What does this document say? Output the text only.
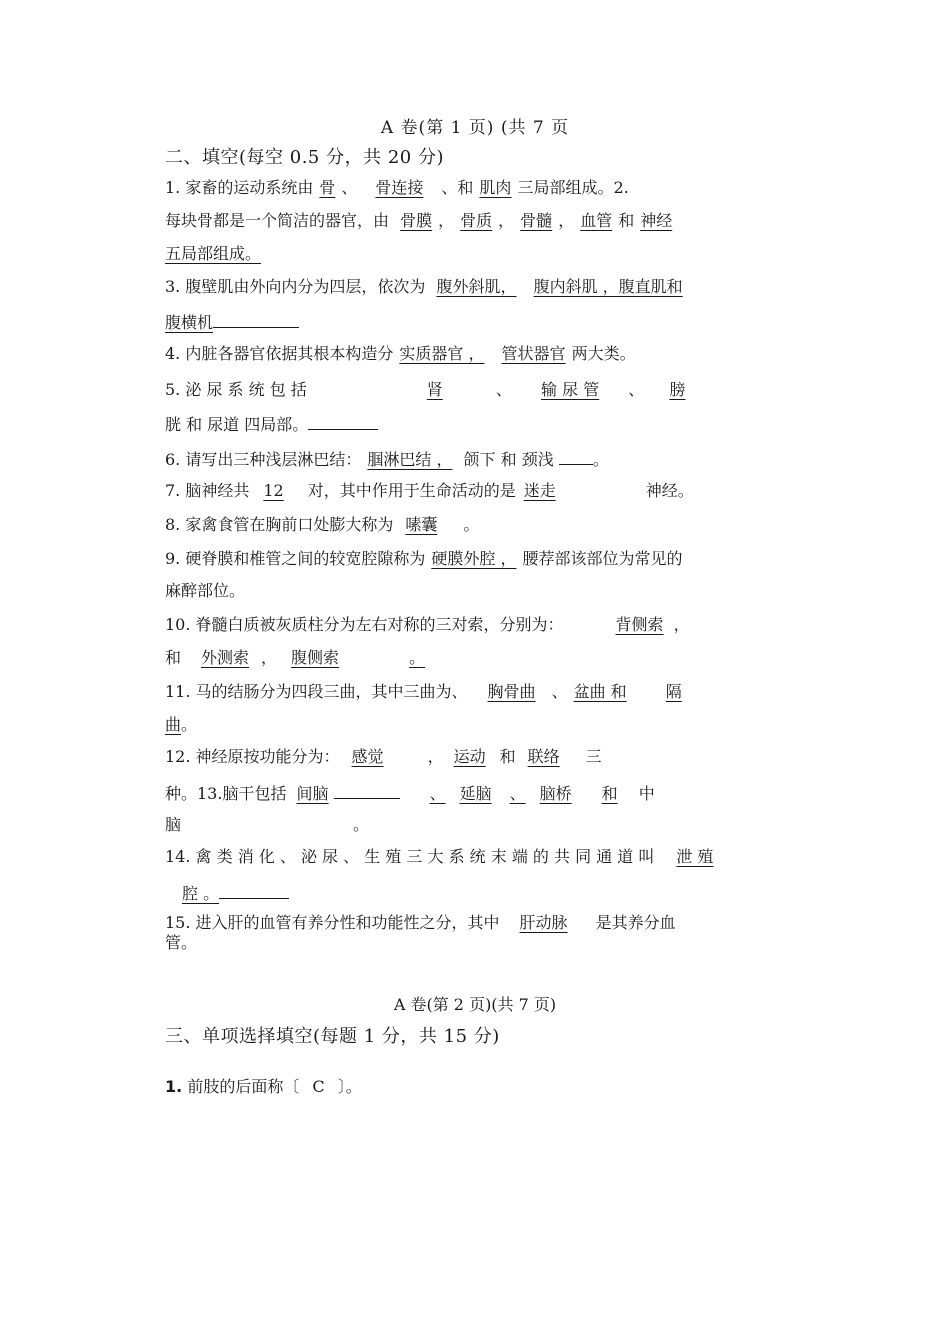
A 卷(第 1 页) (共 7 页
二、填空(每空 0.5 分，共 20 分)
1. 家畜的运动系统由 骨 、 骨连接 、和 肌肉 三局部组成。2.
每块骨都是一个简洁的器官，由 骨膜 ， 骨质 ， 骨髓 ， 血管 和 神经
五局部组成。
3. 腹壁肌由外向内分为四层，依次为 腹外斜肌， 腹内斜肌 ，腹直肌和
腹横机
4. 内脏各器官依据其根本构造分 实质器官 ， 管状器官 两大类。
5. 泌 尿 系 统 包 括	肾	、 输 尿 管 、 膀
胱 和 尿道 四局部。
6. 请写出三种浅层淋巴结： 腘淋巴结 ， 颌下 和 颈浅 。
7. 脑神经共 12 对，其中作用于生命活动的是 迷走	神经。
8. 家禽食管在胸前口处膨大称为 嗉囊 。
9. 硬脊膜和椎管之间的较宽腔隙称为 硬膜外腔 ， 腰荐部该部位为常见的
麻醉部位。
10. 脊髓白质被灰质柱分为左右对称的三对索，分别为：	背侧索 ，
和 外测索 ， 腹侧索	。
11. 马的结肠分为四段三曲，其中三曲为、 胸骨曲 、 盆曲 和 隔
曲。
12. 神经原按功能分为： 感觉	， 运动 和 联络 三
种。13.脑干包括 间脑	、 延脑 、 脑桥 和 中
脑	。
14. 禽 类 消 化 、 泌 尿 、 生 殖 三 大 系 统 末 端 的 共 同 通 道 叫 泄 殖
腔 。
15. 进入肝的血管有养分性和功能性之分，其中 肝动脉 是其养分血
管。
A 卷(第 2 页)(共 7 页)
三、单项选择填空(每题 1 分，共 15 分)
1. 前肢的后面称〔 C 〕。
